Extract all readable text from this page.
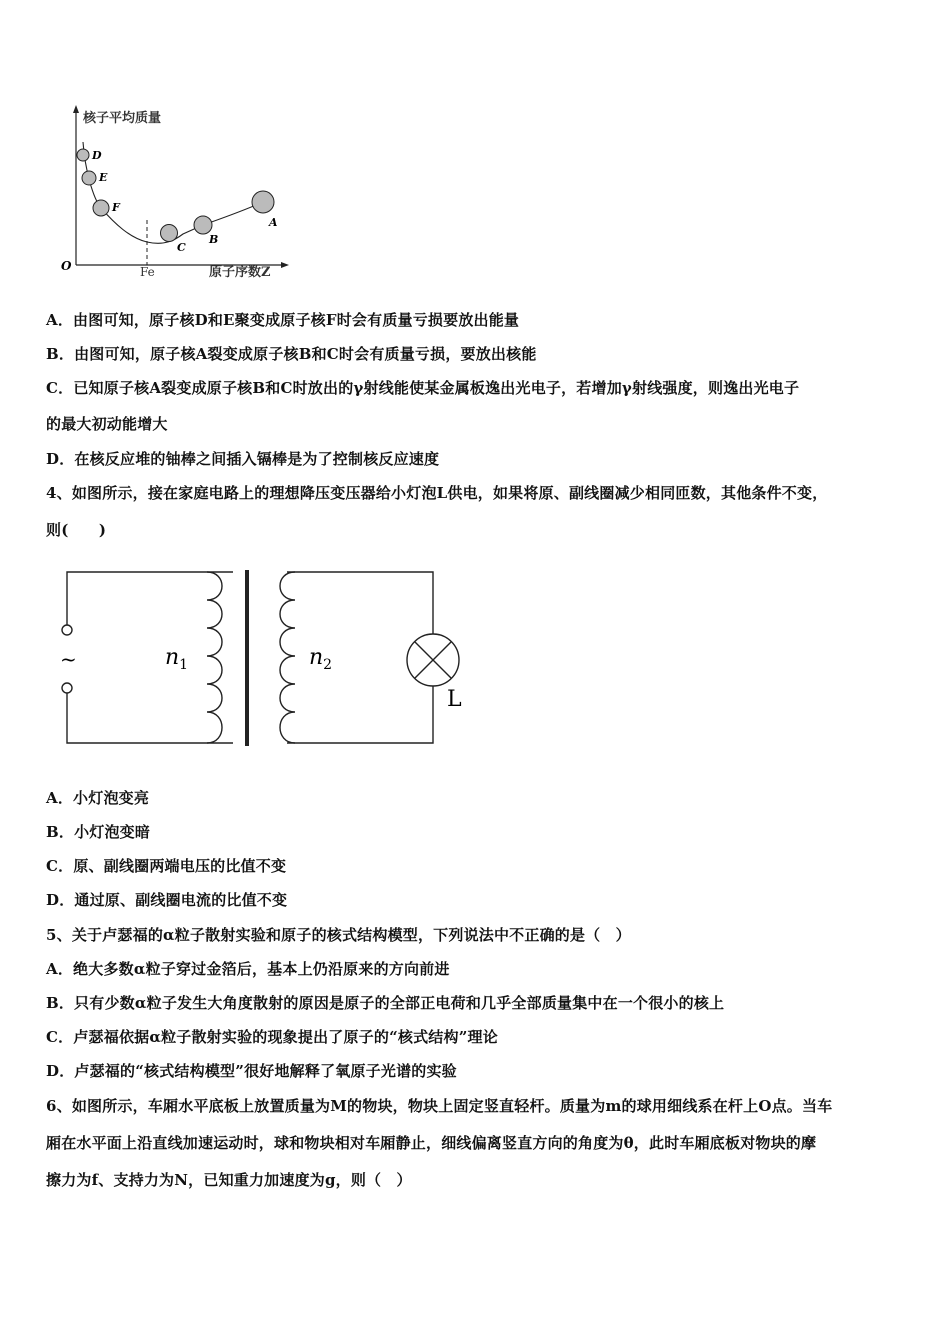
核子平均质量
O	原子序数Z
Fe
D
E
F
C
B
A
A．由图可知，原子核D和E聚变成原子核F时会有质量亏损要放出能量
B．由图可知，原子核A裂变成原子核B和C时会有质量亏损，要放出核能
C．已知原子核A裂变成原子核B和C时放出的γ射线能使某金属板逸出光电子，若增加γ射线强度，则逸出光电子
的最大初动能增大
D．在核反应堆的铀棒之间插入镉棒是为了控制核反应速度
4、如图所示，接在家庭电路上的理想降压变压器给小灯泡L供电，如果将原、副线圈减少相同匝数，其他条件不变，
则(　　)
~	$n_1$	$n_2$
L
A．小灯泡变亮
B．小灯泡变暗
C．原、副线圈两端电压的比值不变
D．通过原、副线圈电流的比值不变
5、关于卢瑟福的α粒子散射实验和原子的核式结构模型，下列说法中不正确的是（　）
A．绝大多数α粒子穿过金箔后，基本上仍沿原来的方向前进
B．只有少数α粒子发生大角度散射的原因是原子的全部正电荷和几乎全部质量集中在一个很小的核上
C．卢瑟福依据α粒子散射实验的现象提出了原子的“核式结构”理论
D．卢瑟福的“核式结构模型”很好地解释了氧原子光谱的实验
6、如图所示，车厢水平底板上放置质量为M的物块，物块上固定竖直轻杆。质量为m的球用细线系在杆上O点。当车
厢在水平面上沿直线加速运动时，球和物块相对车厢静止，细线偏离竖直方向的角度为θ，此时车厢底板对物块的摩
擦力为f、支持力为N，已知重力加速度为g，则（　）
